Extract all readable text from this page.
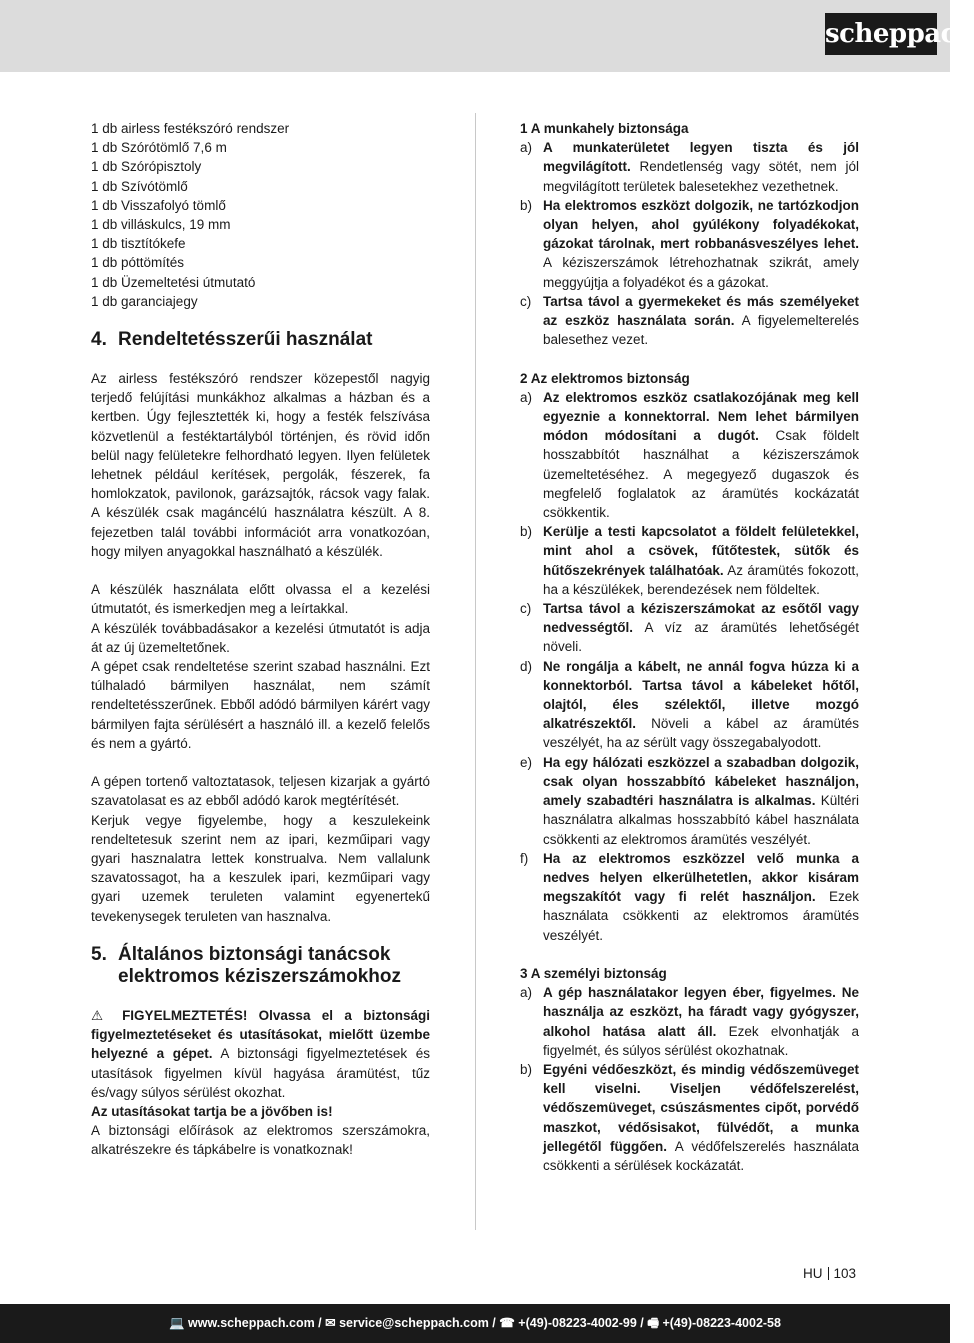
scheppach

1 db airless festékszóró rendszer

1 db Szórótömlő 7,6 m

1 db Szórópisztoly

1 db Szívótömlő

1 db Visszafolyó tömlő

1 db villáskulcs, 19 mm

1 db tisztítókefe

1 db póttömítés

1 db Üzemeltetési útmutató

1 db garanciajegy

4. Rendeltetésszerűi használat

Az airless festékszóró rendszer közepestől nagyig terjedő felújítási munkákhoz alkalmas a házban és a kertben. Úgy fejlesztették ki, hogy a festék felszívása közvetlenül a festéktartályból történjen, és rövid időn belül nagy felületekre felhordható legyen. Ilyen felületek lehetnek például kerítések, pergolák, fészerek, fa homlokzatok, pavilonok, garázsajtók, rácsok vagy falak. A készülék csak magáncélú használatra készült. A 8. fejezetben talál további információt arra vonatkozóan, hogy milyen anyagokkal használható a készülék.

A készülék használata előtt olvassa el a kezelési útmutatót, és ismerkedjen meg a leírtakkal.

A készülék továbbadásakor a kezelési útmutatót is adja át az új üzemeltetőnek.

A gépet csak rendeltetése szerint szabad használni. Ezt túlhaladó bármilyen használat, nem számít rendeltetésszerűnek. Ebből adódó bármilyen kárért vagy bármilyen fajta sérülésért a használó ill. a kezelő felelős és nem a gyártó.

A gépen tortenő valtoztatasok, teljesen kizarjak a gyártó szavatolasat es az ebből adódó karok megtérítését.

Kerjuk vegye figyelembe, hogy a keszulekeink rendeltetesuk szerint nem az ipari, kezműipari vagy gyari hasznalatra lettek konstrualva. Nem vallalunk szavatossagot, ha a keszulek ipari, kezműipari vagy gyari uzemek teruleten valamint egyenertekű tevekenysegek teruleten van hasznalva.

5. Általános biztonsági tanácsok
elektromos kéziszerszámokhoz

⚠ FIGYELMEZTETÉS! Olvassa el a biztonsági figyelmeztetéseket és utasításokat, mielőtt üzembe helyezné a gépet. A biztonsági figyelmeztetések és utasítások figyelmen kívül hagyása áramütést, tűz és/vagy súlyos sérülést okozhat.

Az utasításokat tartja be a jövőben is!

A biztonsági előírások az elektromos szerszámokra, alkatrészekre és tápkábelre is vonatkoznak!

1 A munkahely biztonsága

a) A munkaterületet legyen tiszta és jól megvilágított. Rendetlenség vagy sötét, nem jól megvilágított területek balesetekhez vezethetnek.
b) Ha elektromos eszközt dolgozik, ne tartózkodjon olyan helyen, ahol gyúlékony folyadékokat, gázokat tárolnak, mert robbanásveszélyes lehet. A kéziszerszámok létrehozhatnak szikrát, amely meggyújtja a folyadékot és a gázokat.
c) Tartsa távol a gyermekeket és más személyeket az eszköz használata során. A figyelemelterelés balesethez vezet.

2 Az elektromos biztonság

a) Az elektromos eszköz csatlakozójának meg kell egyeznie a konnektorral. Nem lehet bármilyen módon módosítani a dugót. Csak földelt hosszabbítót használhat a kéziszerszámok üzemeltetéséhez. A megegyező dugaszok és megfelelő foglalatok az áramütés kockázatát csökkentik.
b) Kerülje a testi kapcsolatot a földelt felületekkel, mint ahol a csövek, fűtőtestek, sütők és hűtőszekrények találhatóak. Az áramütés fokozott, ha a készülékek, berendezések nem földeltek.
c) Tartsa távol a kéziszerszámokat az esőtől vagy nedvességtől. A víz az áramütés lehetőségét növeli.
d) Ne rongálja a kábelt, ne annál fogva húzza ki a konnektorból. Tartsa távol a kábeleket hőtől, olajtól, éles szélektől, illetve mozgó alkatrészektől. Növeli a kábel az áramütés veszélyét, ha az sérült vagy összegabalyodott.
e) Ha egy hálózati eszközzel a szabadban dolgozik, csak olyan hosszabbító kábeleket használjon, amely szabadtéri használatra is alkalmas. Kültéri használatra alkalmas hosszabbító kábel használata csökkenti az elektromos áramütés veszélyét.
f)	Ha az elektromos eszközzel velő munka a nedves helyen elkerülhetetlen, akkor kisáram megszakítót vagy fi relét használjon. Ezek használata csökkenti az elektromos áramütés veszélyét.

3 A személyi biztonság

a) A gép használatakor legyen éber, figyelmes. Ne használja az eszközt, ha fáradt vagy gyógyszer, alkohol hatása alatt áll. Ezek elvonhatják a figyelmét, és súlyos sérülést okozhatnak.
b) Egyéni védőeszközt, és mindig védőszemüveget kell viselni. Viseljen védőfelszerelést, védőszemüveget, csúszásmentes cipőt, porvédő maszkot, védősisakot, fülvédőt, a munka jellegétől függően. A védőfelszerelés használata csökkenti a sérülések kockázatát.
HU 103
💻 www.scheppach.com / ✉ service@scheppach.com / ☎ +(49)-08223-4002-99 / 🖷 +(49)-08223-4002-58
